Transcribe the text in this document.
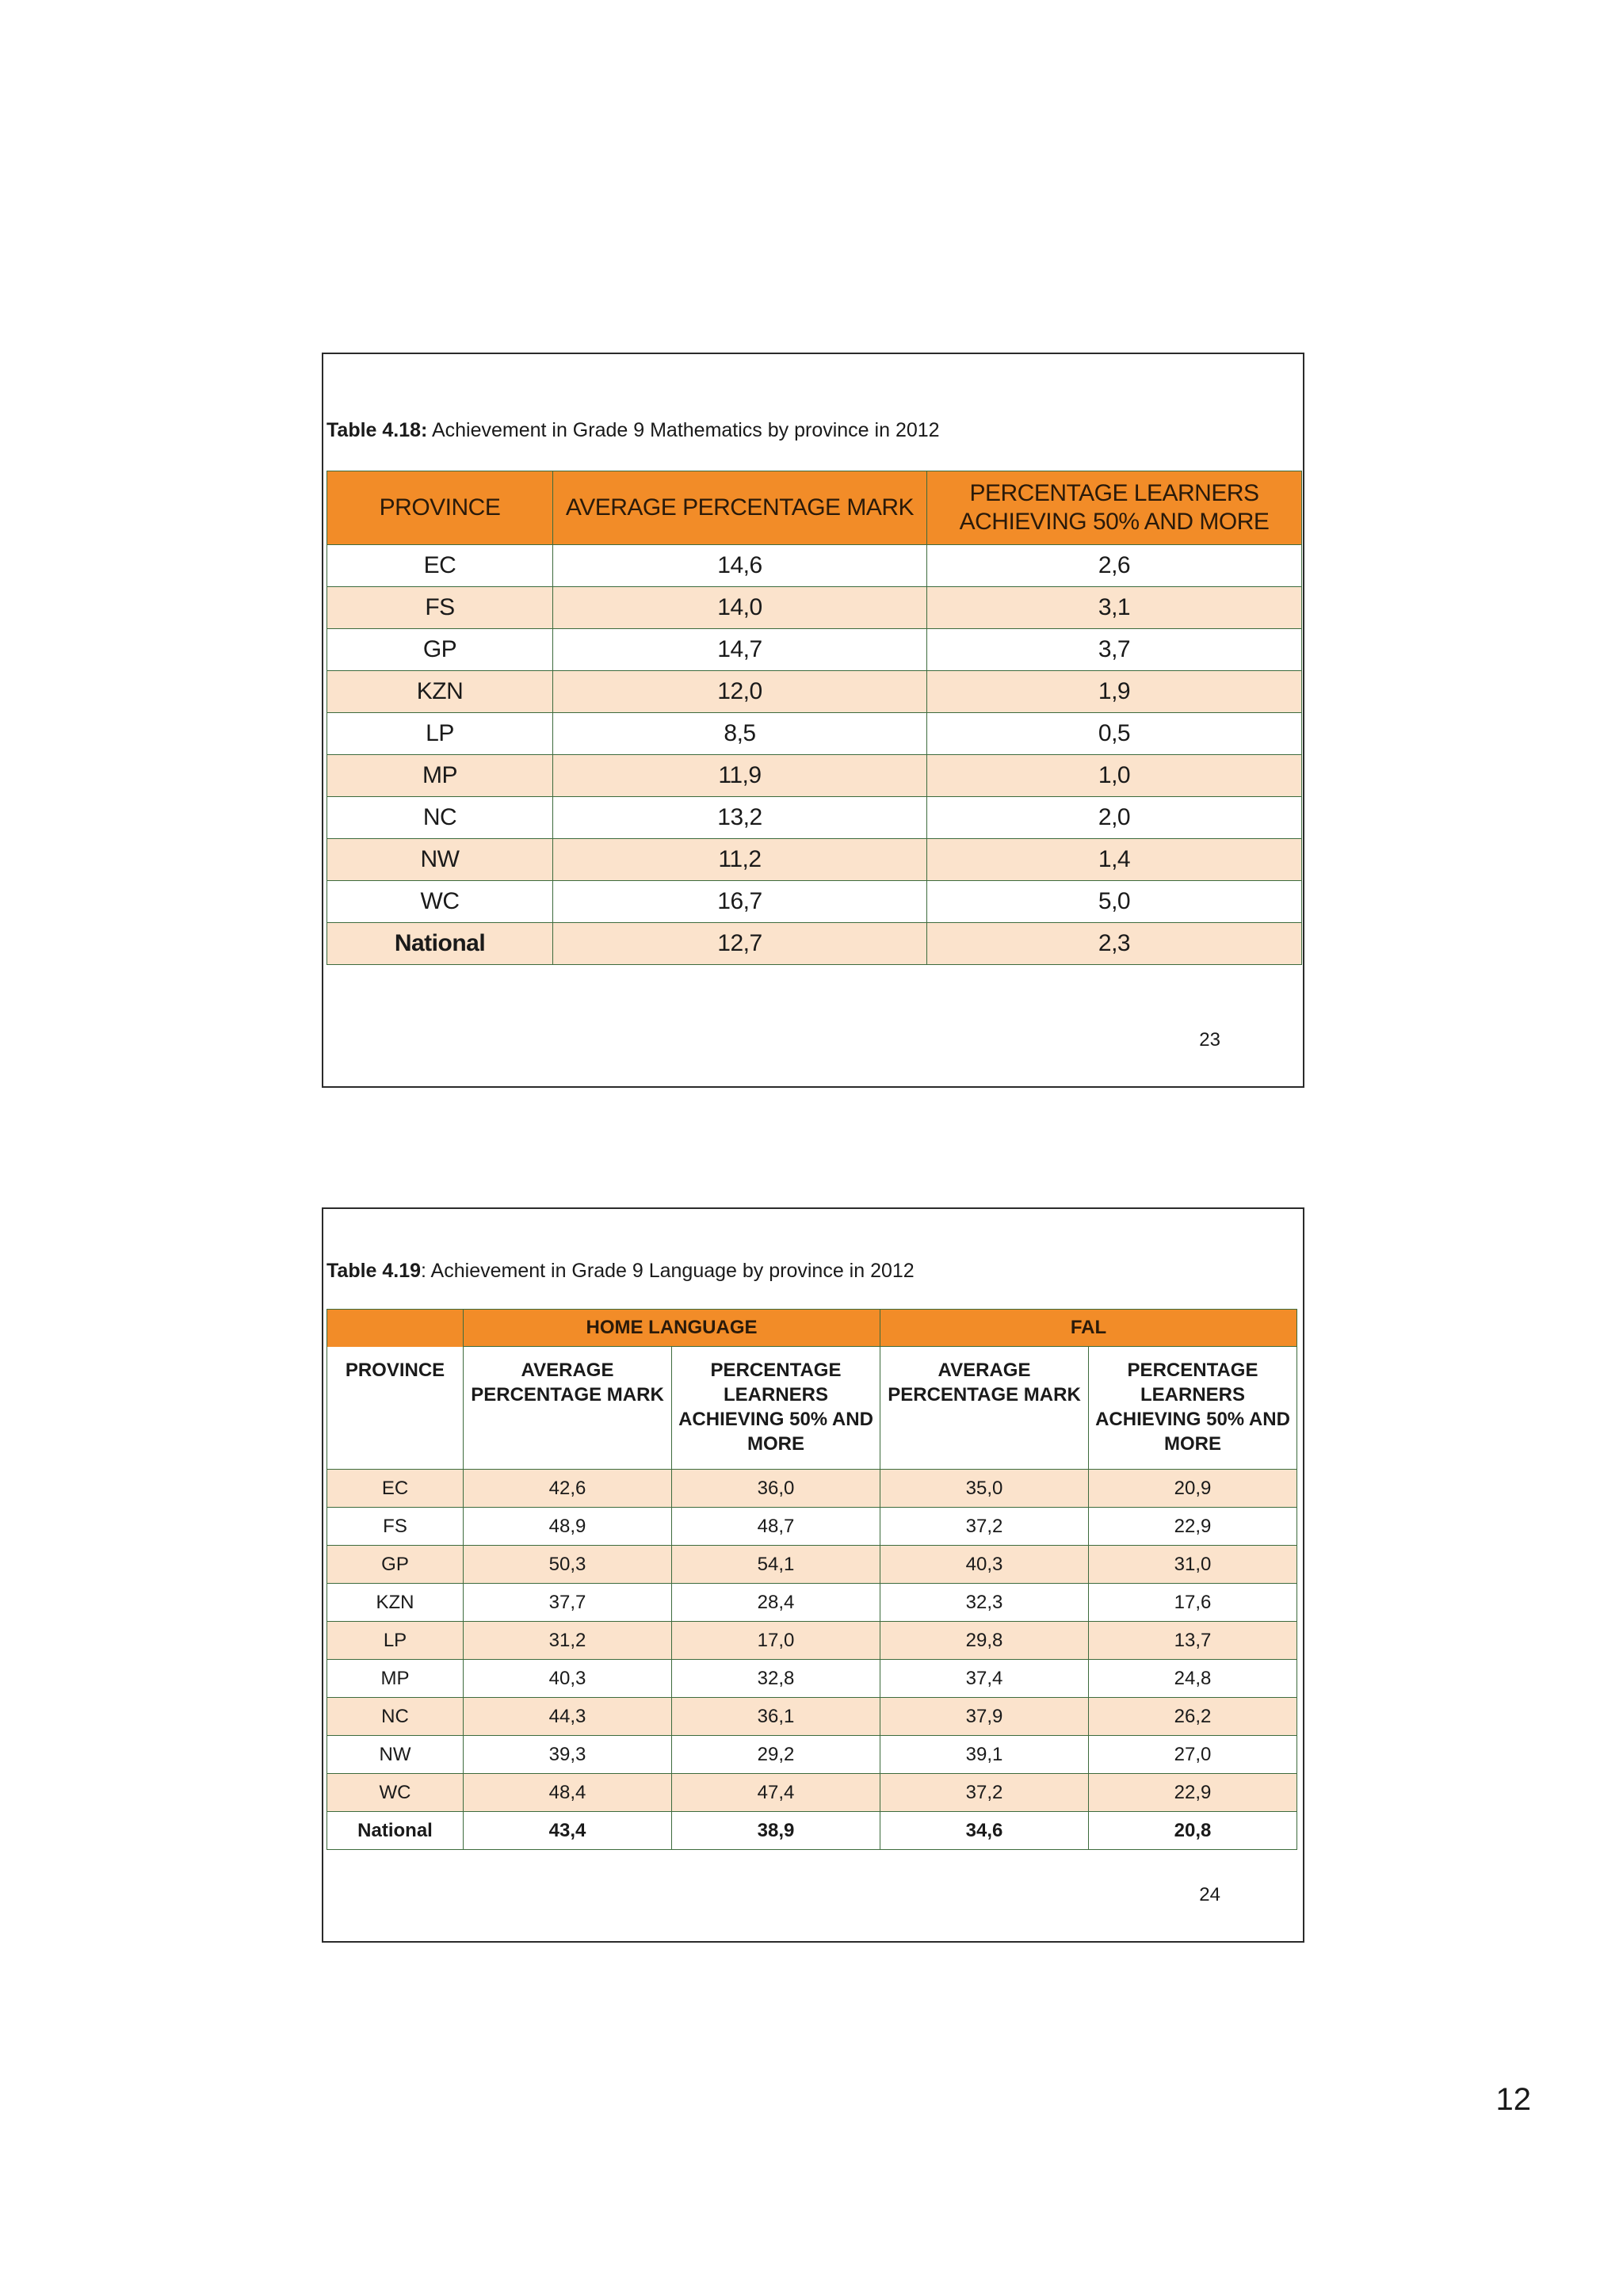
Table 4.18: Achievement in Grade 9 Mathematics by province in 2012
PROVINCE	AVERAGE PERCENTAGE MARK	PERCENTAGE LEARNERS ACHIEVING 50% AND MORE
EC	14,6	2,6
FS	14,0	3,1
GP	14,7	3,7
KZN	12,0	1,9
LP	8,5	0,5
MP	11,9	1,0
NC	13,2	2,0
NW	11,2	1,4
WC	16,7	5,0
National	12,7	2,3
23
Table 4.19: Achievement in Grade 9 Language by province in 2012
	HOME LANGUAGE		FAL	
PROVINCE	AVERAGE PERCENTAGE MARK	PERCENTAGE LEARNERS ACHIEVING 50% AND MORE	AVERAGE PERCENTAGE MARK	PERCENTAGE LEARNERS ACHIEVING 50% AND MORE
EC	42,6	36,0	35,0	20,9
FS	48,9	48,7	37,2	22,9
GP	50,3	54,1	40,3	31,0
KZN	37,7	28,4	32,3	17,6
LP	31,2	17,0	29,8	13,7
MP	40,3	32,8	37,4	24,8
NC	44,3	36,1	37,9	26,2
NW	39,3	29,2	39,1	27,0
WC	48,4	47,4	37,2	22,9
National	43,4	38,9	34,6	20,8
24
12
